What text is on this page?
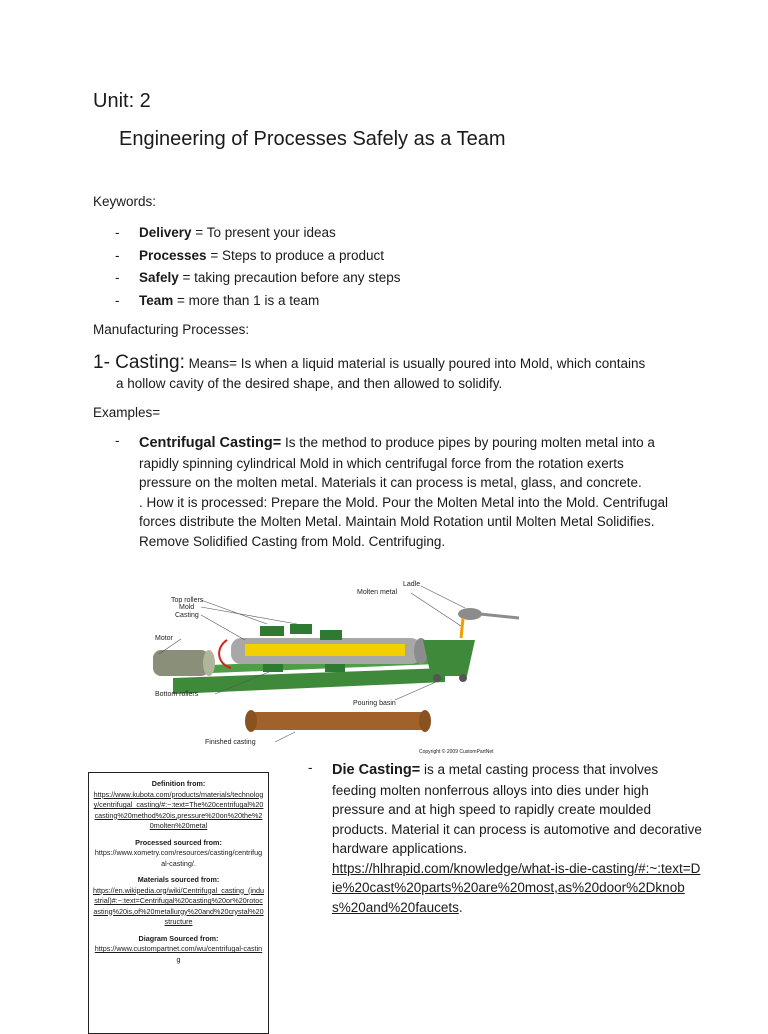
Unit: 2
Engineering of Processes Safely as a Team
Keywords:
- Delivery = To present your ideas
- Processes = Steps to produce a product
- Safely = taking precaution before any steps
- Team = more than 1 is a team
Manufacturing Processes:
1- Casting: Means= Is when a liquid material is usually poured into Mold, which contains
a hollow cavity of the desired shape, and then allowed to solidify.
Examples=
-	Centrifugal Casting= Is the method to produce pipes by pouring molten metal into a rapidly spinning cylindrical Mold in which centrifugal force from the rotation exerts pressure on the molten metal. Materials it can process is metal, glass, and concrete.
. How it is processed: Prepare the Mold. Pour the Molten Metal into the Mold. Centrifugal forces distribute the Molten Metal. Maintain Mold Rotation until Molten Metal Solidifies. Remove Solidified Casting from Mold. Centrifuging.
Top rollers
Mold
Casting
Motor
Bottom rollers
Ladle
Molten metal
Pouring basin
Finished casting
Copyright © 2009 CustomPartNet
Definition from:
https://www.kubota.com/products/materials/technology/centrifugal_casting/#:~:text=The%20centrifugal%20casting%20method%20is,pressure%20on%20the%20molten%20metal
Processed sourced from:
https://www.xometry.com/resources/casting/centrifugal-casting/.
Materials sourced from:
https://en.wikipedia.org/wiki/Centrifugal_casting_(industrial)#:~:text=Centrifugal%20casting%20or%20rotocasting%20is,of%20metallurgy%20and%20crystal%20structure
Diagram Sourced from:
https://www.custompartnet.com/wu/centrifugal-casting
-	Die Casting= is a metal casting process that involves feeding molten nonferrous alloys into dies under high pressure and at high speed to rapidly create moulded products. Material it can process is automotive and decorative hardware applications.
https://hlhrapid.com/knowledge/what-is-die-casting/#:~:text=Die%20cast%20parts%20are%20most,as%20door%2Dknobs%20and%20faucets.
